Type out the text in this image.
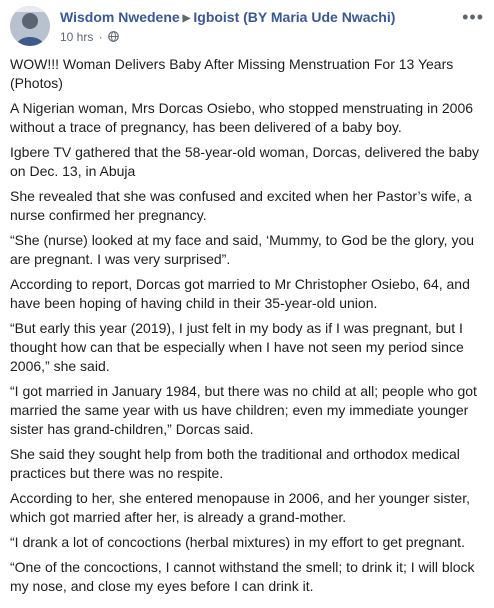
Wisdom Nwedene ▶ Igboist (BY Maria Ude Nwachi)
10 hrs ·
•••

WOW!!! Woman Delivers Baby After Missing Menstruation For 13 Years (Photos)

A Nigerian woman, Mrs Dorcas Osiebo, who stopped menstruating in 2006 without a trace of pregnancy, has been delivered of a baby boy.

Igbere TV gathered that the 58-year-old woman, Dorcas, delivered the baby on Dec. 13, in Abuja

She revealed that she was confused and excited when her Pastor’s wife, a nurse confirmed her pregnancy.

“She (nurse) looked at my face and said, ‘Mummy, to God be the glory, you are pregnant. I was very surprised”.

According to report, Dorcas got married to Mr Christopher Osiebo, 64, and have been hoping of having child in their 35-year-old union.

“But early this year (2019), I just felt in my body as if I was pregnant, but I thought how can that be especially when I have not seen my period since 2006,” she said.

“I got married in January 1984, but there was no child at all; people who got married the same year with us have children; even my immediate younger sister has grand-children,” Dorcas said.

She said they sought help from both the traditional and orthodox medical practices but there was no respite.

According to her, she entered menopause in 2006, and her younger sister, which got married after her, is already a grand-mother.

“I drank a lot of concoctions (herbal mixtures) in my effort to get pregnant.

“One of the concoctions, I cannot withstand the smell; to drink it; I will block my nose, and close my eyes before I can drink it.
